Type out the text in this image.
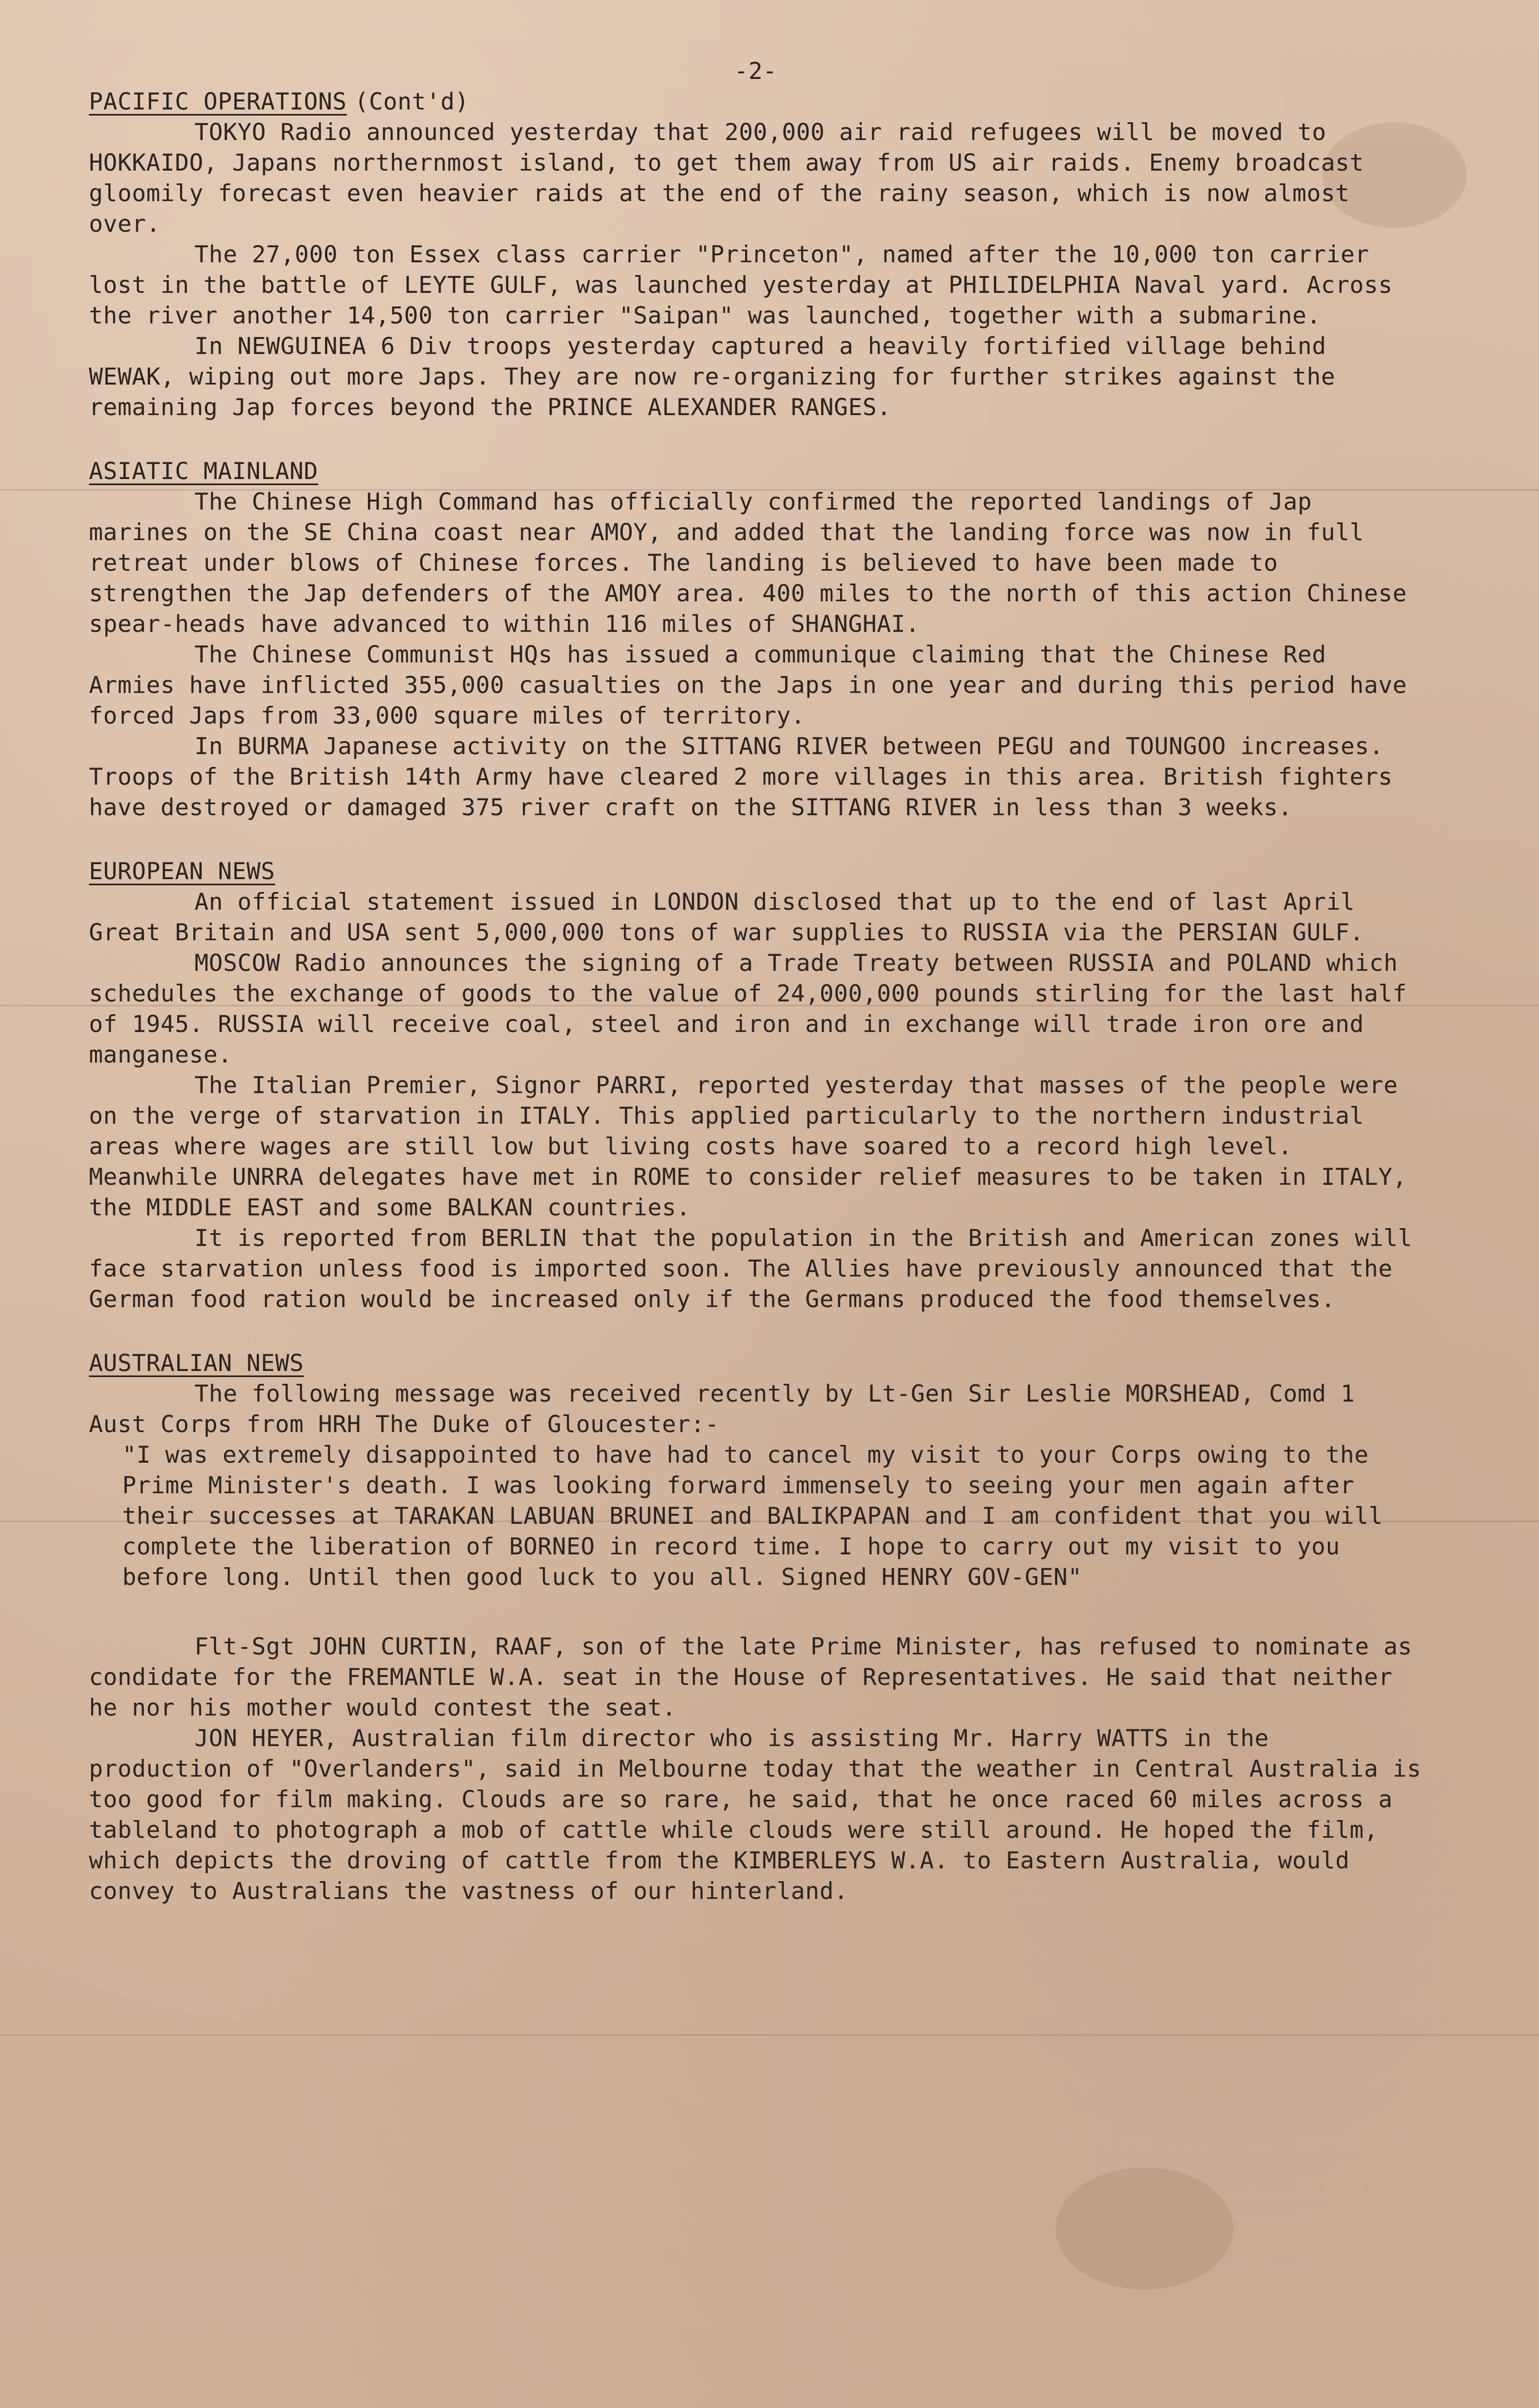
-2-
PACIFIC OPERATIONS (Cont'd)

TOKYO Radio announced yesterday that 200,000 air raid refugees will be moved to HOKKAIDO, Japans northernmost island, to get them away from US air raids. Enemy broadcast gloomily forecast even heavier raids at the end of the rainy season, which is now almost over.

The 27,000 ton Essex class carrier "Princeton", named after the 10,000 ton carrier lost in the battle of LEYTE GULF, was launched yesterday at PHILIDELPHIA Naval yard. Across the river another 14,500 ton carrier "Saipan" was launched, together with a submarine.

In NEWGUINEA 6 Div troops yesterday captured a heavily fortified village behind WEWAK, wiping out more Japs. They are now re-organizing for further strikes against the remaining Jap forces beyond the PRINCE ALEXANDER RANGES.

ASIATIC MAINLAND

The Chinese High Command has officially confirmed the reported landings of Jap marines on the SE China coast near AMOY, and added that the landing force was now in full retreat under blows of Chinese forces. The landing is believed to have been made to strengthen the Jap defenders of the AMOY area. 400 miles to the north of this action Chinese spear-heads have advanced to within 116 miles of SHANGHAI.

The Chinese Communist HQs has issued a communique claiming that the Chinese Red Armies have inflicted 355,000 casualties on the Japs in one year and during this period have forced Japs from 33,000 square miles of territory.

In BURMA Japanese activity on the SITTANG RIVER between PEGU and TOUNGOO increases. Troops of the British 14th Army have cleared 2 more villages in this area. British fighters have destroyed or damaged 375 river craft on the SITTANG RIVER in less than 3 weeks.

EUROPEAN NEWS

An official statement issued in LONDON disclosed that up to the end of last April Great Britain and USA sent 5,000,000 tons of war supplies to RUSSIA via the PERSIAN GULF.

MOSCOW Radio announces the signing of a Trade Treaty between RUSSIA and POLAND which schedules the exchange of goods to the value of 24,000,000 pounds stirling for the last half of 1945. RUSSIA will receive coal, steel and iron and in exchange will trade iron ore and manganese.

The Italian Premier, Signor PARRI, reported yesterday that masses of the people were on the verge of starvation in ITALY. This applied particularly to the northern industrial areas where wages are still low but living costs have soared to a record high level. Meanwhile UNRRA delegates have met in ROME to consider relief measures to be taken in ITALY, the MIDDLE EAST and some BALKAN countries.

It is reported from BERLIN that the population in the British and American zones will face starvation unless food is imported soon. The Allies have previously announced that the German food ration would be increased only if the Germans produced the food themselves.

AUSTRALIAN NEWS

The following message was received recently by Lt-Gen Sir Leslie MORSHEAD, Comd 1 Aust Corps from HRH The Duke of Gloucester:-

"I was extremely disappointed to have had to cancel my visit to your Corps owing to the Prime Minister's death. I was looking forward immensely to seeing your men again after their successes at TARAKAN LABUAN BRUNEI and BALIKPAPAN and I am confident that you will complete the liberation of BORNEO in record time. I hope to carry out my visit to you before long. Until then good luck to you all. Signed HENRY GOV-GEN"

Flt-Sgt JOHN CURTIN, RAAF, son of the late Prime Minister, has refused to nominate as condidate for the FREMANTLE W.A. seat in the House of Representatives. He said that neither he nor his mother would contest the seat.

JON HEYER, Australian film director who is assisting Mr. Harry WATTS in the production of "Overlanders", said in Melbourne today that the weather in Central Australia is too good for film making. Clouds are so rare, he said, that he once raced 60 miles across a tableland to photograph a mob of cattle while clouds were still around. He hoped the film, which depicts the droving of cattle from the KIMBERLEYS W.A. to Eastern Australia, would convey to Australians the vastness of our hinterland.
